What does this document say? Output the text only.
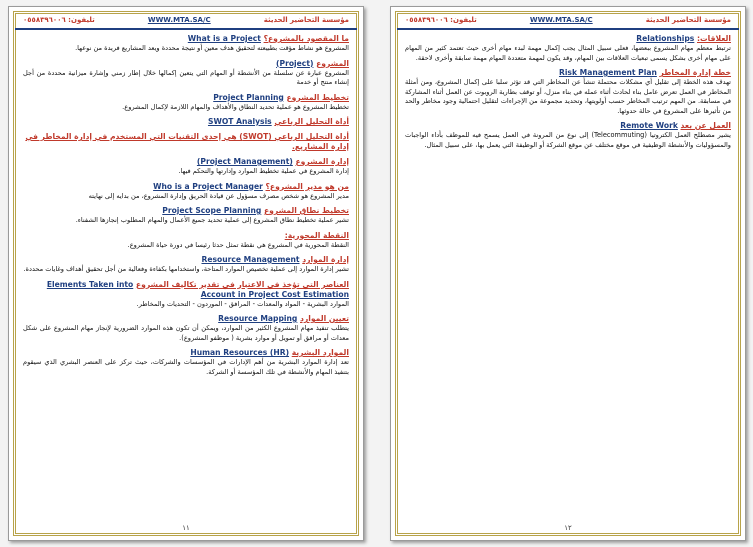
مؤسسة التحاضير الحديثة
WWW.MTA.SA/C
تليفون: ٠٥٥٨٣٩٦٠٠٦
ما المقصود بالمشروع؟ What is a Project
المشروع هو نشاط مؤقت بطبيعته لتحقيق هدف معين أو نتيجة محددة ويعد المشاريع فريدة من نوعها.
المشروع (Project)
المشروع عبارة عن سلسلة من الأنشطة أو المهام التي يتعين إكمالها خلال إطار زمني وإشارة ميزانية محددة من أجل إنشاء منتج أو خدمة
تخطيط المشروع Project Planning
تخطيط المشروع هو عملية تحديد النطاق والأهداف والمهام اللازمة لإكمال المشروع.
أداة التحليل الرباعي SWOT Analysis
أداة التحليل الرباعي (SWOT) هي إحدى التقنيات التي المستخدم في إدارة المخاطر في إدارة المشاريع.
إدارة المشروع (Project Management)
إدارة المشروع في عملية تخطيط الموارد وإدارتها والتحكم فيها.
من هو مدير المشروع؟ Who is a Project Manager
مدير المشروع هو شخص مصرف مسؤول عن قيادة الحريق وإدارة المشروع، من بدايه إلى نهايته
تخطيط نطاق المشروع Project Scope Planning
تشير عملية تخطيط نطاق المشروع إلى عملية تحديد جميع الأعمال والمهام المطلوب إنجازها الشفناء.
النقطة المحورية:
النقطة المحورية في المشروع هي نقطة تمثل حدثا رئيسا في دورة حياة المشروع.
إدارة الموارد Resource Management
تشير إدارة الموارد إلى عملية تخصيص الموارد المتاحة، واستخدامها بكفاءة وفعالية من أجل تحقيق أهداف وغايات محددة.
العناصر التي تؤخذ في الاعتبار في تقدير تكاليف المشروع Elements Taken into Account in Project Cost Estimation
الموارد البشرية - المواد والمعدات - المرافق - الموردون - التحديات والمخاطر.
تعيين الموارد Resource Mapping
يتطلب تنفيذ مهام المشروع الكثير من الموارد، ويمكن أن تكون هذه الموارد الضرورية لإنجاز مهام المشروع على شكل معدات أو مرافق أو تمويل أو موارد بشرية ( موظفو المشروع).
الموارد البشرية Human Resources (HR)
تعد إدارة الموارد البشرية من أهم الإدارات في المؤسسات والشركات، حيث تركز على العنصر البشري الذي سيقوم بتنفيذ المهام والأنشطة في تلك المؤسسة أو الشركة.
١١
مؤسسة التحاضير الحديثة
WWW.MTA.SA/C
تليفون: ٠٥٥٨٣٩٦٠٠٦
العلاقات: Relationships
ترتبط معظم مهام المشروع ببعضها، فعلى سبيل المثال يجب إكمال مهمة لبدء مهام أخرى حيث تعتمد كثير من المهام على مهام أخرى بشكل يسمى تبعيات العلاقات بين المهام، وقد يكون لمهمة متعددة المهام مهمة سابقة وأخرى لاحقة.
خطة إدارة المخاطر Risk Management Plan
تهدف هذه الخطة إلى تقليل أي مشكلات محتملة تنشأ عن المخاطر التي قد تؤثر سلبا على إكمال المشروع، ومن أمثلة المخاطر في العمل تعرض عامل بناء لحادث أثناء عمله في بناء منزل، أو توقف بطارية الروبوت عن العمل أثناء المشاركة في مسابقة. من المهم ترتيب المخاطر حسب أولويتها، وتحديد مجموعة من الإجراءات لتقليل احتمالية وجود مخاطر والحد من تأثيرها على المشروع في حالة حدوثها.
العمل عن بعد Remote Work
يشير مصطلح العمل الكتروتيا (Telecommuting) إلى نوع من المرونة في العمل يسمح فيه للموظف بأداء الواجبات والمسؤوليات والأنشطة الوظيفية في موقع مختلف عن موقع الشركة أو الوظيفة التي يعمل بها، على سبيل المثال.
١٢
